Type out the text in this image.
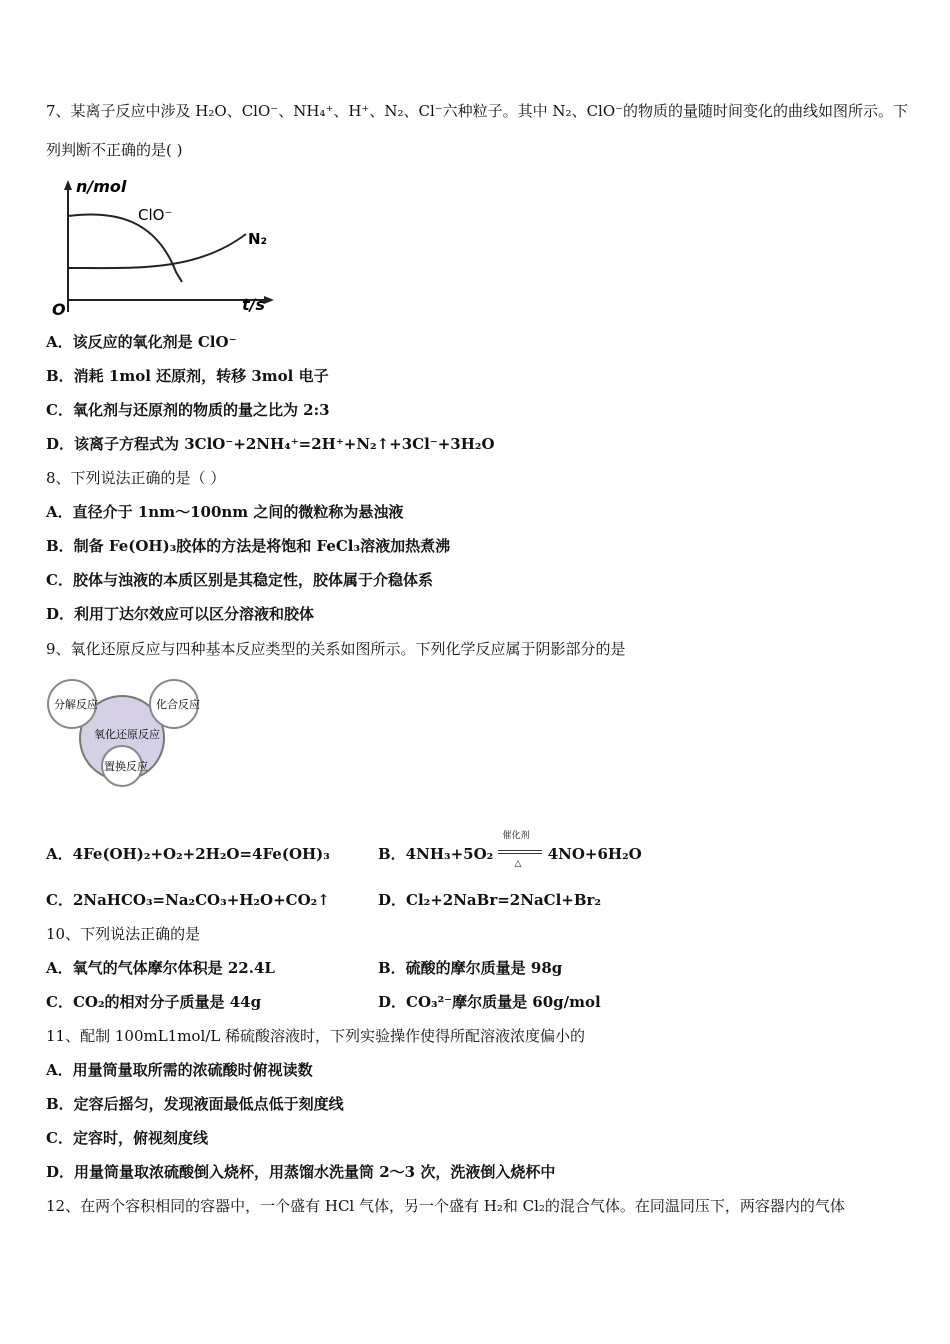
7、某离子反应中涉及 H₂O、ClO⁻、NH₄⁺、H⁺、N₂、Cl⁻六种粒子。其中 N₂、ClO⁻的物质的量随时间变化的曲线如图所示。下
列判断不正确的是( )
n/mol
t/s
O
ClO⁻
N₂
A．该反应的氧化剂是 ClO⁻
B．消耗 1mol 还原剂，转移 3mol 电子
C．氧化剂与还原剂的物质的量之比为 2:3
D．该离子方程式为 3ClO⁻+2NH₄⁺=2H⁺+N₂↑+3Cl⁻+3H₂O
8、下列说法正确的是（ ）
A．直径介于 1nm～100nm 之间的微粒称为悬浊液
B．制备 Fe(OH)₃胶体的方法是将饱和 FeCl₃溶液加热煮沸
C．胶体与浊液的本质区别是其稳定性，胶体属于介稳体系
D．利用丁达尔效应可以区分溶液和胶体
9、氧化还原反应与四种基本反应类型的关系如图所示。下列化学反应属于阴影部分的是
分解反应	化合反应
氧化还原反应
置换反应
A．4Fe(OH)₂+O₂+2H₂O=4Fe(OH)₃	B．4NH₃+5O₂
催化剂
△
4NO+6H₂O
C．2NaHCO₃=Na₂CO₃+H₂O+CO₂↑	D．Cl₂+2NaBr=2NaCl+Br₂
10、下列说法正确的是
A．氧气的气体摩尔体积是 22.4L	B．硫酸的摩尔质量是 98g
C．CO₂的相对分子质量是 44g	D．CO₃²⁻摩尔质量是 60g/mol
11、配制 100mL1mol/L 稀硫酸溶液时，下列实验操作使得所配溶液浓度偏小的
A．用量筒量取所需的浓硫酸时俯视读数
B．定容后摇匀，发现液面最低点低于刻度线
C．定容时，俯视刻度线
D．用量筒量取浓硫酸倒入烧杯，用蒸馏水洗量筒 2～3 次，洗液倒入烧杯中
12、在两个容积相同的容器中，一个盛有 HCl 气体，另一个盛有 H₂和 Cl₂的混合气体。在同温同压下，两容器内的气体
